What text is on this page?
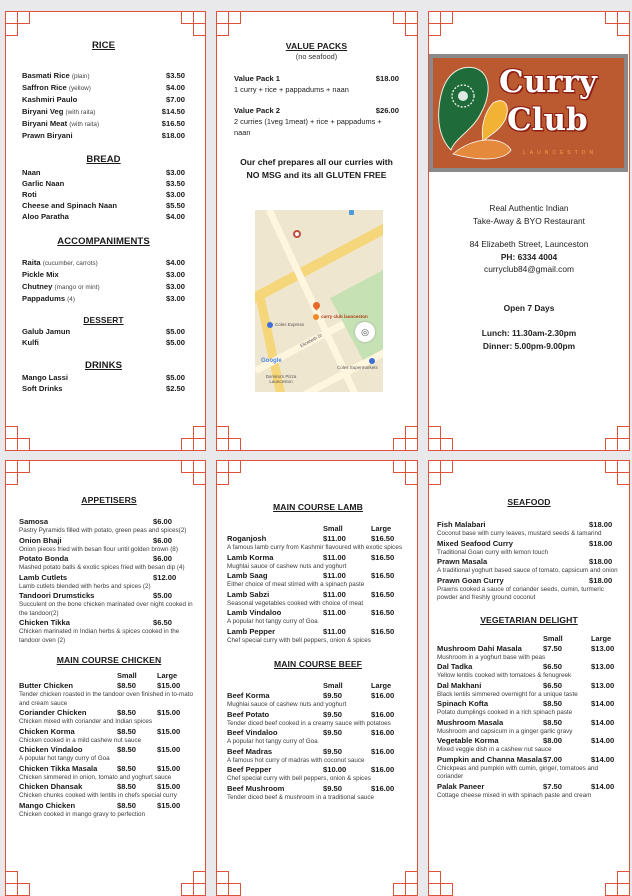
RICE
Basmati Rice (plain)	$3.50
Saffron Rice (yellow)	$4.00
Kashmiri Paulo	$7.00
Biryani Veg (with raita)	$14.50
Biryani Meat (with raita)	$16.50
Prawn Biryani	$18.00
BREAD
Naan	$3.00
Garlic Naan	$3.50
Roti	$3.00
Cheese and Spinach Naan	$5.50
Aloo Paratha	$4.00
ACCOMPANIMENTS
Raita (cucumber, carrots)	$4.00
Pickle Mix	$3.00
Chutney (mango or mint)	$3.00
Pappadums (4)	$3.00
DESSERT
Galub Jamun	$5.00
Kulfi	$5.00
DRINKS
Mango Lassi	$5.00
Soft Drinks	$2.50
VALUE PACKS
(no seafood)
Value Pack 1	$18.00
1 curry + rice + pappadums + naan
Value Pack 2	$26.00
2 curries (1veg 1meat) + rice + pappadums + naan
Our chef prepares all our curries with
NO MSG and its all GLUTEN FREE
curry club launceston
Coles Express
Elizabeth St
Google
Domino's Pizza Launceston
Coles Supermarkets
◎
Curry
Club
LAUNCESTON
Real Authentic Indian
Take-Away & BYO Restaurant
84 Elizabeth Street, Launceston
PH: 6334 4004
curryclub84@gmail.com
Open 7 Days
Lunch: 11.30am-2.30pm
Dinner: 5.00pm-9.00pm
APPETISERS
Samosa	$6.00
Pastry Pyramids filled with potato, green peas and spices(2)
Onion Bhaji	$6.00
Onion pieces fried with besan flour until golden brown (8)
Potato Bonda	$6.00
Mashed potato balls & exotic spices fried with besan dip (4)
Lamb Cutlets	$12.00
Lamb cutlets blended with herbs and spices (2)
Tandoori Drumsticks	$5.00
Succulent on the bone chicken marinated over night cooked in the tandoor(2)
Chicken Tikka	$6.50
Chicken marinated in Indian herbs & spices cooked in the tandoor oven (2)
MAIN COURSE CHICKEN
Small	Large
Butter Chicken	$8.50	$15.00
Tender chicken roasted in the tandoor oven finished in to-mato and cream sauce
Coriander Chicken	$8.50	$15.00
Chicken mixed with coriander and Indian spices
Chicken Korma	$8.50	$15.00
Chicken cooked in a mild cashew nut sauce
Chicken Vindaloo	$8.50	$15.00
A popular hot tangy curry of Goa
Chicken Tikka Masala	$8.50	$15.00
Chicken simmered in onion, tomato and yoghurt sauce
Chicken Dhansak	$8.50	$15.00
Chicken chunks cooked with lentils in chefs special curry
Mango Chicken	$8.50	$15.00
Chicken cooked in mango gravy to perfection
MAIN COURSE LAMB
Small	Large
Roganjosh	$11.00	$16.50
A famous lamb curry from Kashmir flavoured with exotic spices
Lamb Korma	$11.00	$16.50
Mughlai sauce of cashew nuts and yoghurt
Lamb Saag	$11.00	$16.50
Either choice of meat stirred with a spinach paste
Lamb Sabzi	$11.00	$16.50
Seasonal vegetables cooked with choice of meat
Lamb Vindaloo	$11.00	$16.50
A popular hot tangy curry of Goa
Lamb Pepper	$11.00	$16.50
Chef special curry with bell peppers, onion & spices
MAIN COURSE BEEF
Small	Large
Beef Korma	$9.50	$16.00
Mughlai sauce of cashew nuts and yoghurt
Beef Potato	$9.50	$16.00
Tender diced beef cooked in a creamy sauce with potatoes
Beef Vindaloo	$9.50	$16.00
A popular hot tangy curry of Goa
Beef Madras	$9.50	$16.00
A famous hot curry of madras with coconut sauce
Beef Pepper	$10.00	$16.00
Chef special curry with bell peppers, onion & spices
Beef Mushroom	$9.50	$16.00
Tender diced beef & mushroom in a traditional sauce
SEAFOOD
Fish Malabari	$18.00
Coconut base with curry leaves, mustard seeds & tamarind
Mixed Seafood Curry	$18.00
Traditional Goan curry with lemon touch
Prawn Masala	$18.00
A traditional yoghurt based sauce of tomato, capsicum and onion
Prawn Goan Curry	$18.00
Prawns cooked a sauce of coriander seeds, cumin, turmeric powder and freshly ground coconut
VEGETARIAN DELIGHT
Small	Large
Mushroom Dahi Masala	$7.50	$13.00
Mushroom in a yoghurt base with peas
Dal Tadka	$6.50	$13.00
Yellow lentils cooked with tomatoes & fenugreek
Dal Makhani	$6.50	$13.00
Black lentils simmered overnight for a unique taste
Spinach Kofta	$8.50	$14.00
Potato dumplings cooked in a rich spinach paste
Mushroom Masala	$8.50	$14.00
Mushroom and capsicum in a ginger garlic gravy
Vegetable Korma	$8.00	$14.00
Mixed veggie dish in a cashew nut sauce
Pumpkin and Channa Masala $7.00	$14.00
Chickpeas and pumpkin with cumin, ginger, tomatoes and coriander
Palak Paneer	$7.50	$14.00
Cottage cheese mixed in with spinach paste and cream
